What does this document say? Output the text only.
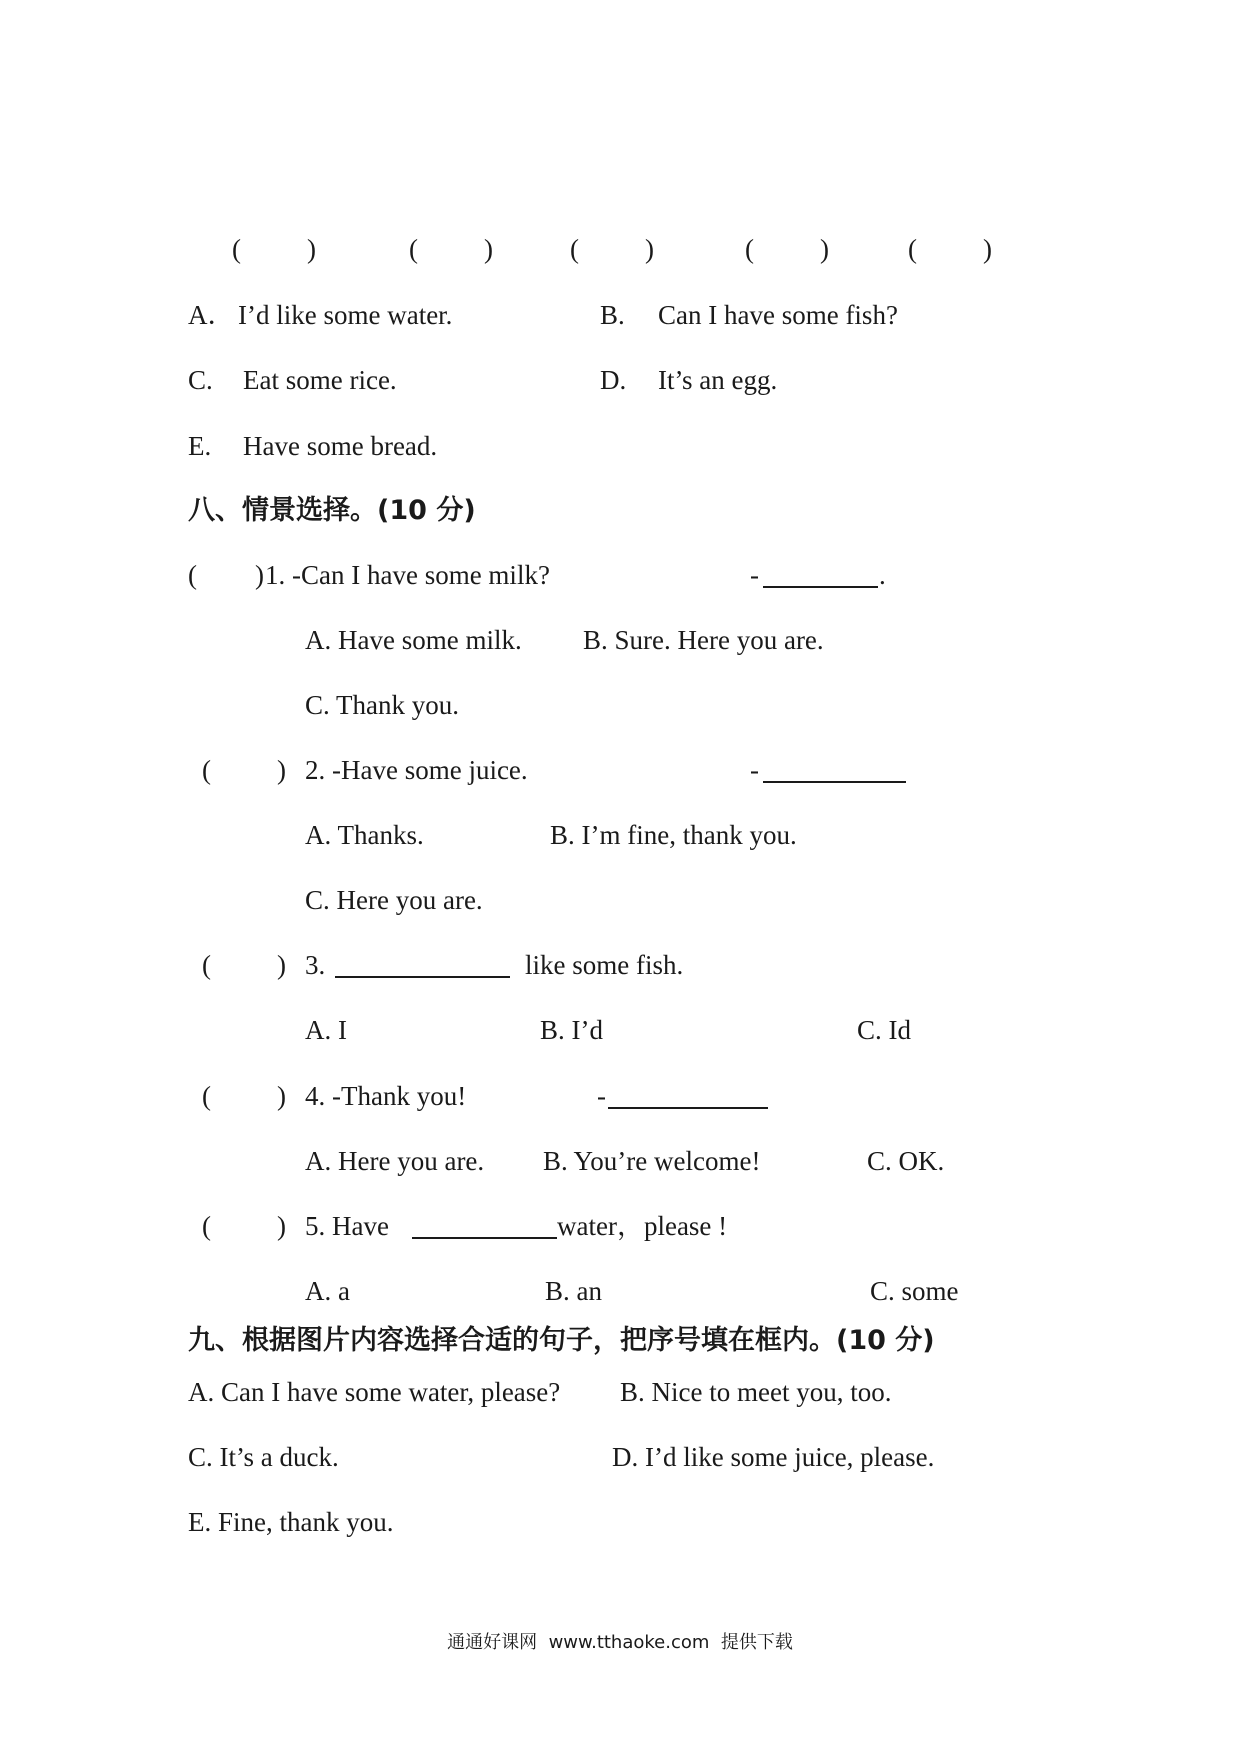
( )	( )	( )	( )	( )
A． I’d like some water.	B. Can I have some fish?
C. Eat some rice.	D. It’s an egg.
E. Have some bread.
八、情景选择。(10 分)
( ) 1. -Can I have some milk?	-	.
A. Have some milk. B. Sure. Here you are.
C. Thank you.
( ) 2. -Have some juice.	-
A. Thanks.	B. I’m fine, thank you.
C. Here you are.
( ) 3.	like some fish.
A. I	B. I’d	C. Id
( ) 4. -Thank you!	-
A. Here you are. B. You’re welcome!	C. OK.
( ) 5. Have	water，please !
A. a	B. an	C. some
九、根据图片内容选择合适的句子，把序号填在框内。(10 分)
A. Can I have some water, please? B. Nice to meet you, too.
C. It’s a duck.	D. I’d like some juice, please.
E. Fine, thank you.
通通好课网  www.tthaoke.com  提供下载
